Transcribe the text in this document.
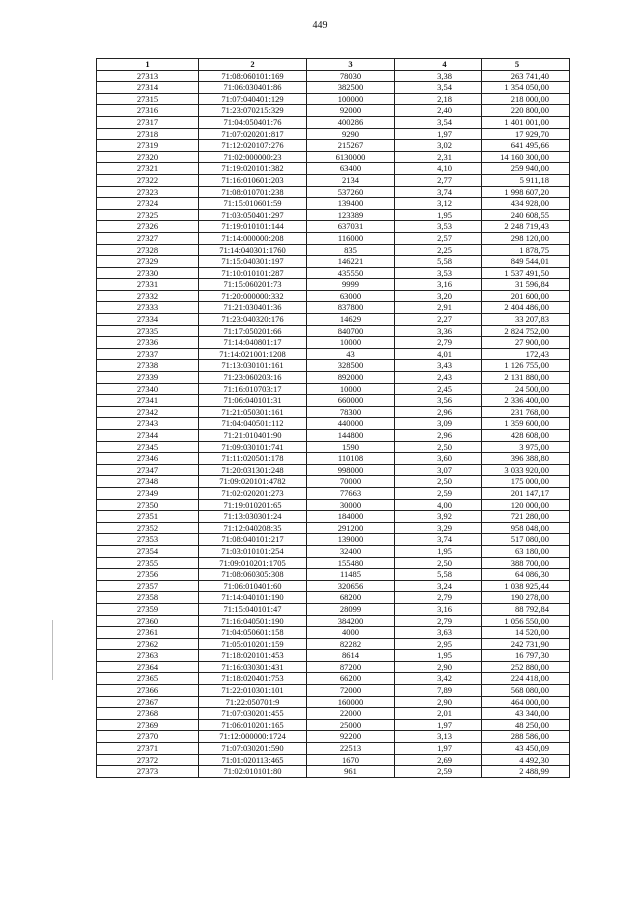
449
1	2	3	4	5
27313	71:08:060101:169	78030	3,38	263 741,40
27314	71:06:030401:86	382500	3,54	1 354 050,00
27315	71:07:040401:129	100000	2,18	218 000,00
27316	71:23:070215:329	92000	2,40	220 800,00
27317	71:04:050401:76	400286	3,54	1 401 001,00
27318	71:07:020201:817	9290	1,97	17 929,70
27319	71:12:020107:276	215267	3,02	641 495,66
27320	71:02:000000:23	6130000	2,31	14 160 300,00
27321	71:19:020101:382	63400	4,10	259 940,00
27322	71:16:010601:203	2134	2,77	5 911,18
27323	71:08:010701:238	537260	3,74	1 998 607,20
27324	71:15:010601:59	139400	3,12	434 928,00
27325	71:03:050401:297	123389	1,95	240 608,55
27326	71:19:010101:144	637031	3,53	2 248 719,43
27327	71:14:000000:208	116000	2,57	298 120,00
27328	71:14:040301:1760	835	2,25	1 878,75
27329	71:15:040301:197	146221	5,58	849 544,01
27330	71:10:010101:287	435550	3,53	1 537 491,50
27331	71:15:060201:73	9999	3,16	31 596,84
27332	71:20:000000:332	63000	3,20	201 600,00
27333	71:21:030401:36	837800	2,91	2 404 486,00
27334	71:23:040320:176	14629	2,27	33 207,83
27335	71:17:050201:66	840700	3,36	2 824 752,00
27336	71:14:040801:17	10000	2,79	27 900,00
27337	71:14:021001:1208	43	4,01	172,43
27338	71:13:030101:161	328500	3,43	1 126 755,00
27339	71:23:060203:16	892000	2,43	2 131 880,00
27340	71:16:010703:17	10000	2,45	24 500,00
27341	71:06:040101:31	660000	3,56	2 336 400,00
27342	71:21:050301:161	78300	2,96	231 768,00
27343	71:04:040501:112	440000	3,09	1 359 600,00
27344	71:21:010401:90	144800	2,96	428 608,00
27345	71:09:030101:741	1590	2,50	3 975,00
27346	71:11:020501:178	110108	3,60	396 388,80
27347	71:20:031301:248	998000	3,07	3 033 920,00
27348	71:09:020101:4782	70000	2,50	175 000,00
27349	71:02:020201:273	77663	2,59	201 147,17
27350	71:19:010201:65	30000	4,00	120 000,00
27351	71:13:030301:24	184000	3,92	721 280,00
27352	71:12:040208:35	291200	3,29	958 048,00
27353	71:08:040101:217	139000	3,74	517 080,00
27354	71:03:010101:254	32400	1,95	63 180,00
27355	71:09:010201:1705	155480	2,50	388 700,00
27356	71:08:060305:308	11485	5,58	64 086,30
27357	71:06:010401:60	320656	3,24	1 038 925,44
27358	71:14:040101:190	68200	2,79	190 278,00
27359	71:15:040101:47	28099	3,16	88 792,84
27360	71:16:040501:190	384200	2,79	1 056 550,00
27361	71:04:050601:158	4000	3,63	14 520,00
27362	71:05:010201:159	82282	2,95	242 731,90
27363	71:18:020101:453	8614	1,95	16 797,30
27364	71:16:030301:431	87200	2,90	252 880,00
27365	71:18:020401:753	66200	3,42	224 418,00
27366	71:22:010301:101	72000	7,89	568 080,00
27367	71:22:050701:9	160000	2,90	464 000,00
27368	71:07:030201:455	22000	2,01	43 340,00
27369	71:06:010201:165	25000	1,97	48 250,00
27370	71:12:000000:1724	92200	3,13	288 586,00
27371	71:07:030201:590	22513	1,97	43 450,09
27372	71:01:020113:465	1670	2,69	4 492,30
27373	71:02:010101:80	961	2,59	2 488,99
